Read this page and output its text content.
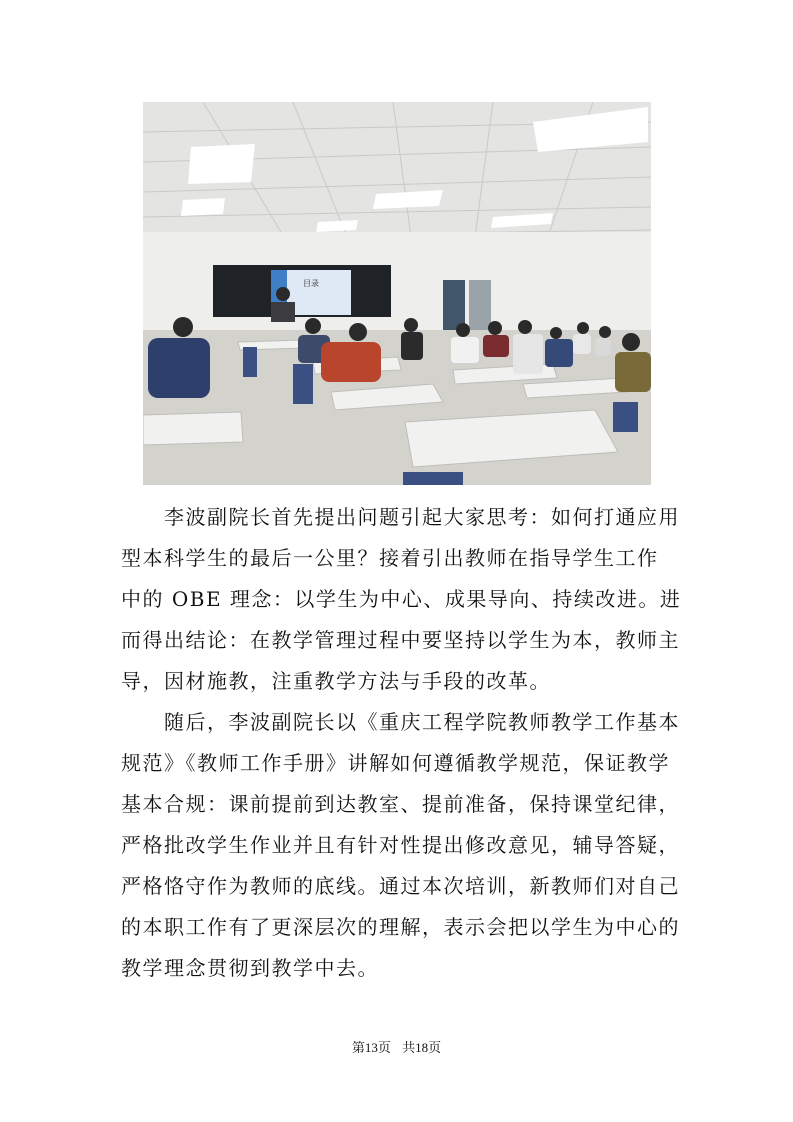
目录
　　李波副院长首先提出问题引起大家思考：如何打通应用
型本科学生的最后一公里？接着引出教师在指导学生工作
中的 OBE 理念：以学生为中心、成果导向、持续改进。进
而得出结论：在教学管理过程中要坚持以学生为本，教师主
导，因材施教，注重教学方法与手段的改革。
　　随后，李波副院长以《重庆工程学院教师教学工作基本
规范》《教师工作手册》讲解如何遵循教学规范，保证教学
基本合规：课前提前到达教室、提前准备，保持课堂纪律，
严格批改学生作业并且有针对性提出修改意见，辅导答疑，
严格恪守作为教师的底线。通过本次培训，新教师们对自己
的本职工作有了更深层次的理解，表示会把以学生为中心的
教学理念贯彻到教学中去。
第13页 共18页
